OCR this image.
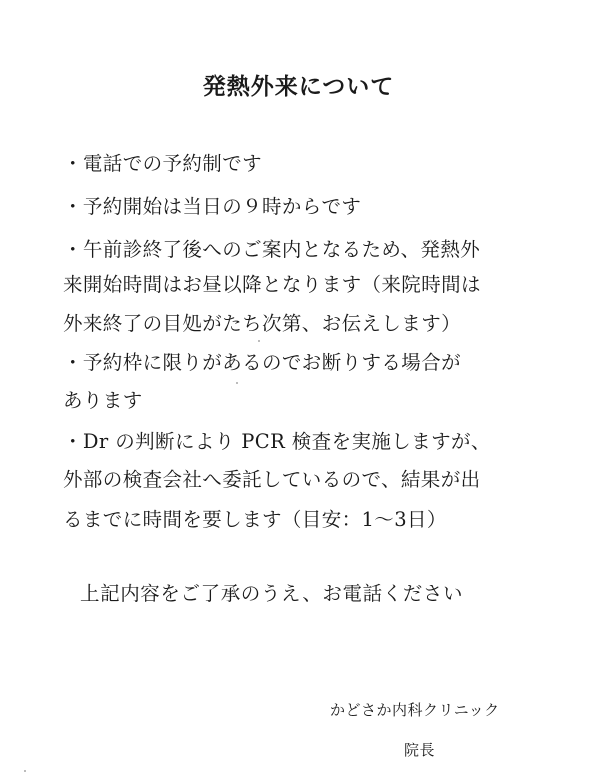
発熱外来について
・電話での予約制です
・予約開始は当日の９時からです
・午前診終了後へのご案内となるため、発熱外
来開始時間はお昼以降となります（来院時間は
外来終了の目処がたち次第、お伝えします）
・予約枠に限りがあるのでお断りする場合が
あります
・Dr の判断により PCR 検査を実施しますが、
外部の検査会社へ委託しているので、結果が出
るまでに時間を要します（目安：1〜3日）
上記内容をご了承のうえ、お電話ください
かどさか内科クリニック
院長
